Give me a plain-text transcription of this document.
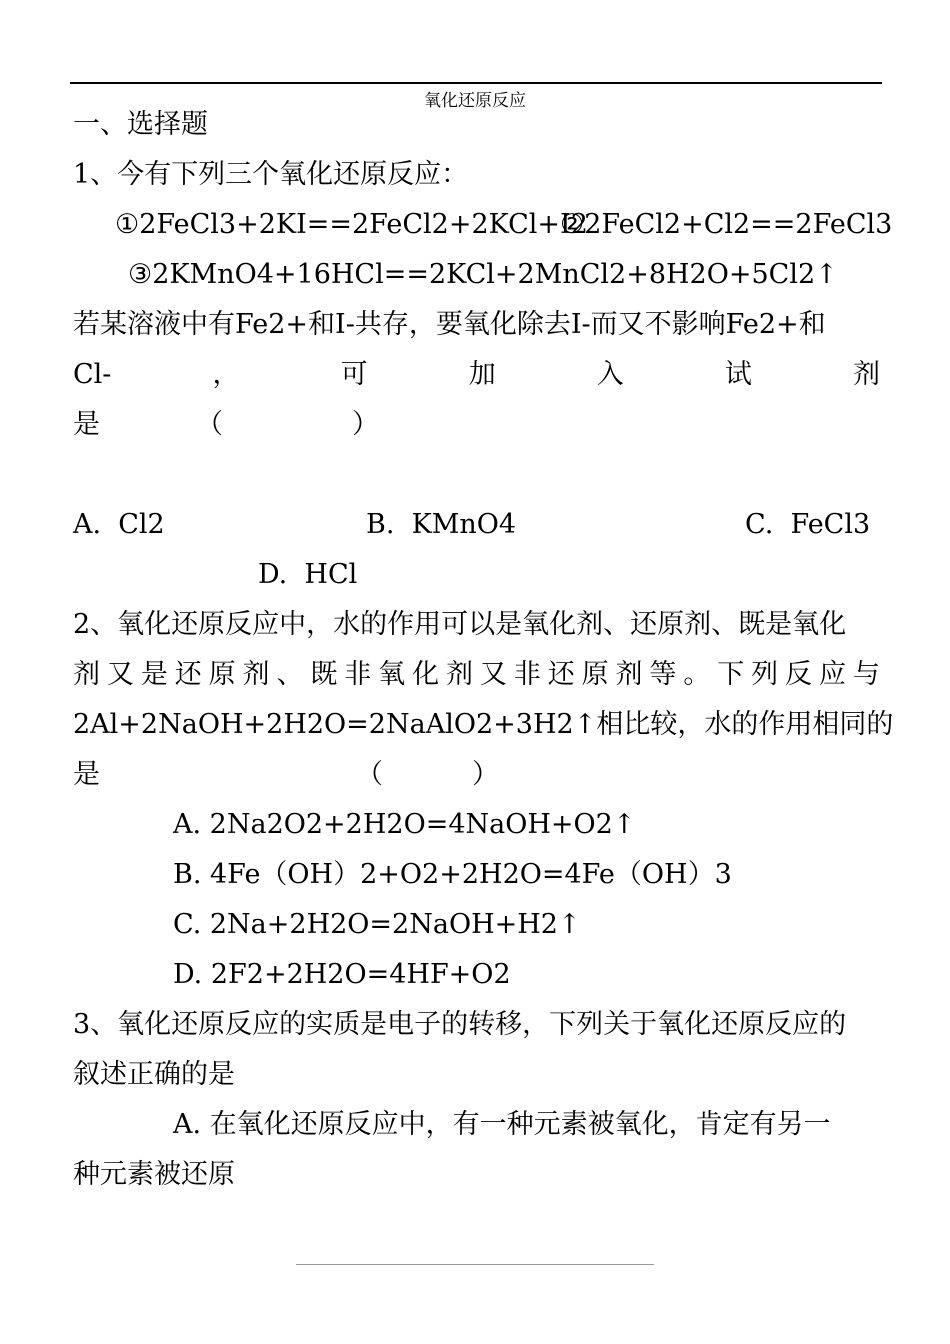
氧化还原反应
一、选择题
1、今有下列三个氧化还原反应：
①2FeCl3+2KI==2FeCl2+2KCl+I2
②2FeCl2+Cl2==2FeCl3
③2KMnO4+16HCl==2KCl+2MnCl2+8H2O+5Cl2↑
若某溶液中有Fe2+和I-共存，要氧化除去I-而又不影响Fe2+和
Cl-	，	可	加	入	试	剂
是	（	）
A.  Cl2	B.  KMnO4	C.  FeCl3
D.  HCl
2、氧化还原反应中，水的作用可以是氧化剂、还原剂、既是氧化
剂 又 是 还 原 剂 、 既 非 氧 化 剂 又 非 还 原 剂 等 。 下 列 反 应 与
2Al+2NaOH+2H2O=2NaAlO2+3H2 ↑ 相 比 较 ， 水 的 作 用 相 同 的
是	（	）
A. 2Na2O2+2H2O=4NaOH+O2↑
B. 4Fe（OH）2+O2+2H2O=4Fe（OH）3
C. 2Na+2H2O=2NaOH+H2↑
D. 2F2+2H2O=4HF+O2
3、氧化还原反应的实质是电子的转移，下列关于氧化还原反应的
叙述正确的是
A. 在氧化还原反应中，有一种元素被氧化，肯定有另一
种元素被还原
